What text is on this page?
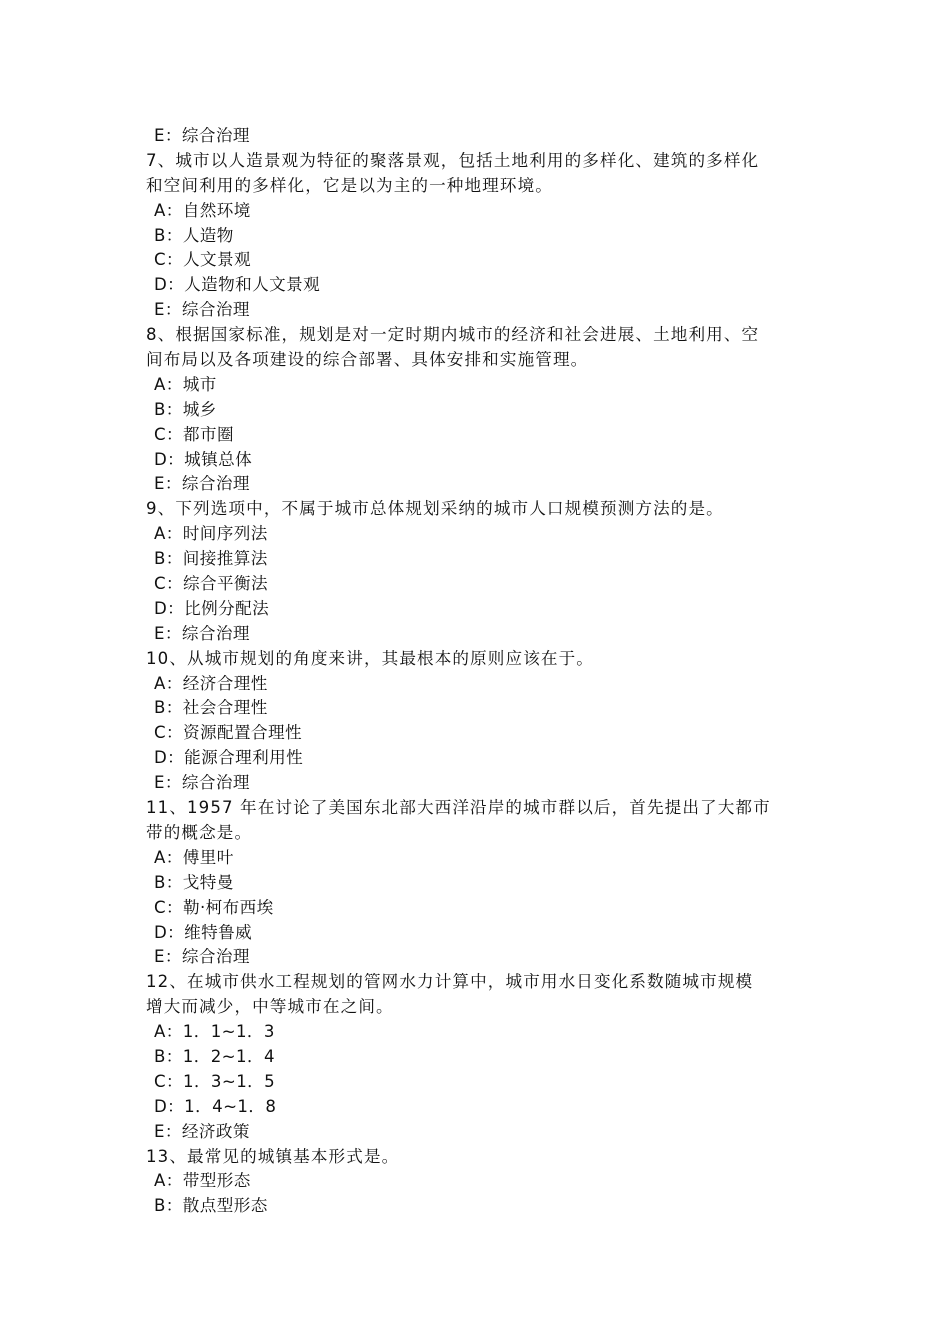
E：综合治理
7、城市以人造景观为特征的聚落景观，包括土地利用的多样化、建筑的多样化
和空间利用的多样化，它是以为主的一种地理环境。
A：自然环境
B：人造物
C：人文景观
D：人造物和人文景观
E：综合治理
8、根据国家标准，规划是对一定时期内城市的经济和社会进展、土地利用、空
间布局以及各项建设的综合部署、具体安排和实施管理。
A：城市
B：城乡
C：都市圈
D：城镇总体
E：综合治理
9、下列选项中，不属于城市总体规划采纳的城市人口规模预测方法的是。
A：时间序列法
B：间接推算法
C：综合平衡法
D：比例分配法
E：综合治理
10、从城市规划的角度来讲，其最根本的原则应该在于。
A：经济合理性
B：社会合理性
C：资源配置合理性
D：能源合理利用性
E：综合治理
11、1957 年在讨论了美国东北部大西洋沿岸的城市群以后，首先提出了大都市
带的概念是。
A：傅里叶
B：戈特曼
C：勒·柯布西埃
D：维特鲁威
E：综合治理
12、在城市供水工程规划的管网水力计算中，城市用水日变化系数随城市规模
增大而减少，中等城市在之间。
A：1．1~1．3
B：1．2~1．4
C：1．3~1．5
D：1．4~1．8
E：经济政策
13、最常见的城镇基本形式是。
A：带型形态
B：散点型形态
